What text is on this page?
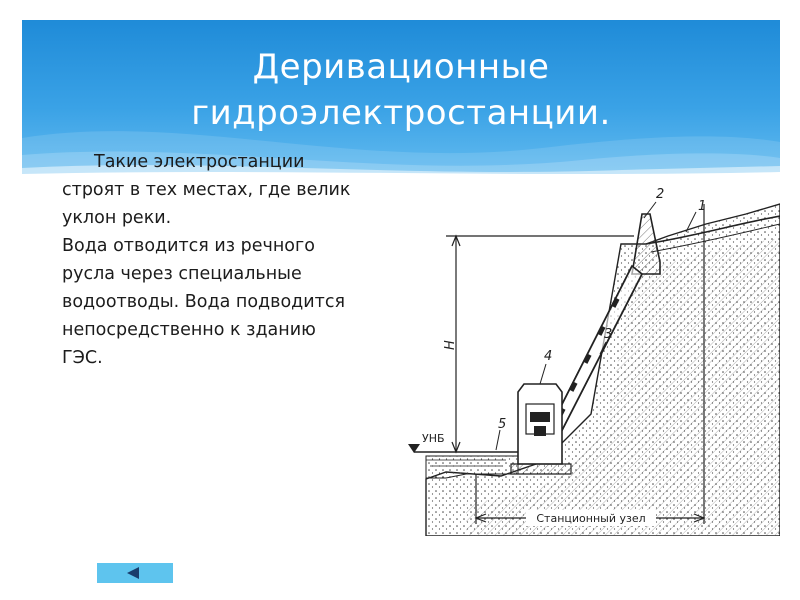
Деривационные
гидроэлектростанции.

Такие электростанции

строят в тех местах, где велик

уклон реки.

Вода отводится из речного

русла через специальные

водоотводы. Вода подводится

непосредственно к зданию

ГЭС.

2
1
3
4
5
H
УНБ
Станционный узел
